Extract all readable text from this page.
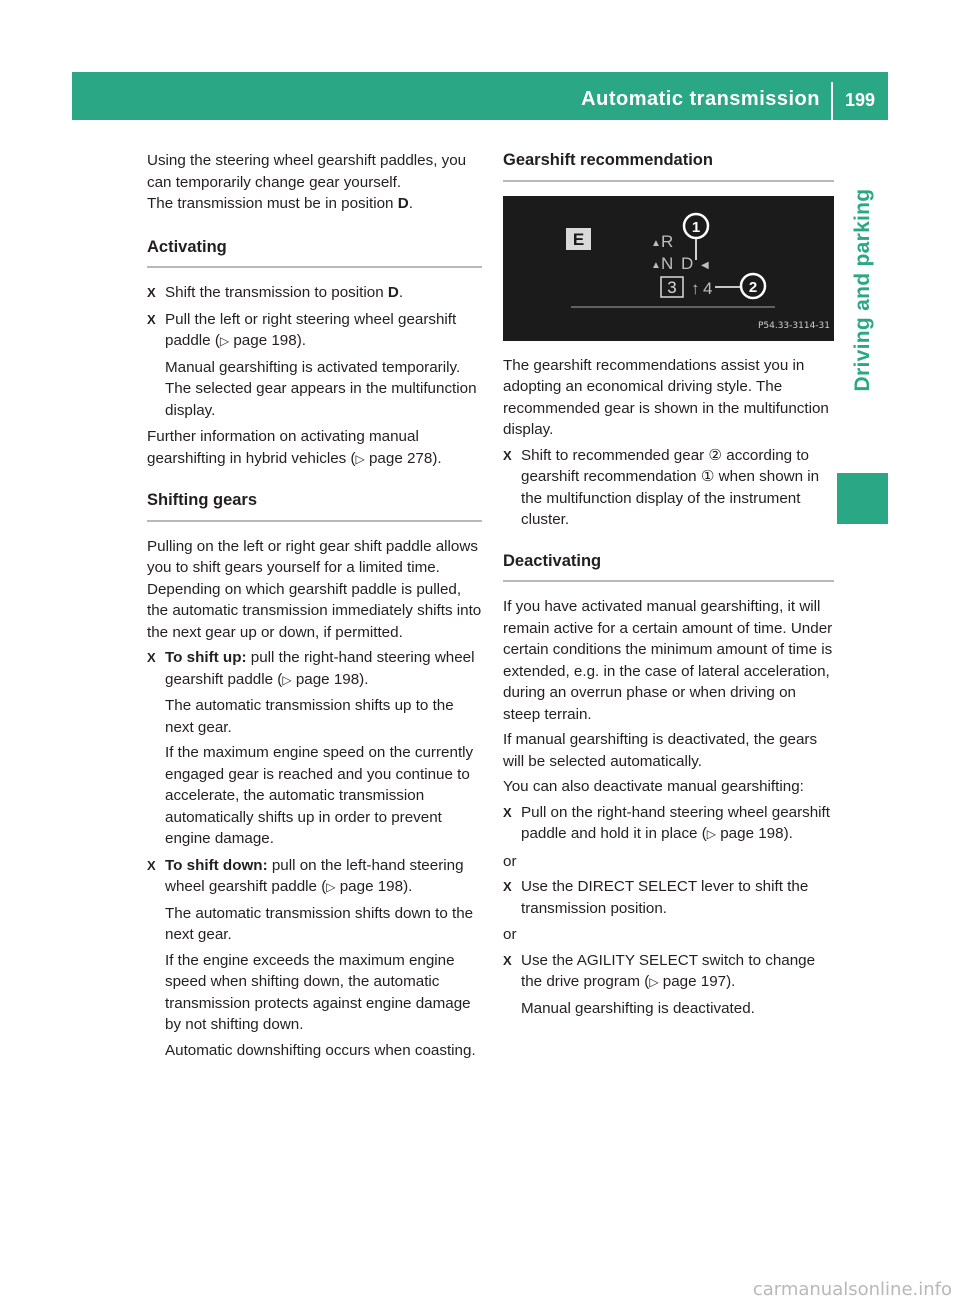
Automatic transmission 199
Driving and parking

Using the steering wheel gearshift paddles, you can temporarily change gear yourself.
The transmission must be in position D.

Activating

X Shift the transmission to position D.

X Pull the left or right steering wheel gearshift paddle (▷ page 198).

Manual gearshifting is activated temporarily. The selected gear appears in the multifunction display.

Further information on activating manual gearshifting in hybrid vehicles (▷ page 278).

Shifting gears

Pulling on the left or right gear shift paddle allows you to shift gears yourself for a limited time. Depending on which gearshift paddle is pulled, the automatic transmission immediately shifts into the next gear up or down, if permitted.

X To shift up: pull the right-hand steering wheel gearshift paddle (▷ page 198).

The automatic transmission shifts up to the next gear.

If the maximum engine speed on the currently engaged gear is reached and you continue to accelerate, the automatic transmission automatically shifts up in order to prevent engine damage.

X To shift down: pull on the left-hand steering wheel gearshift paddle (▷ page 198).

The automatic transmission shifts down to the next gear.

If the engine exceeds the maximum engine speed when shifting down, the automatic transmission protects against engine damage by not shifting down.

Automatic downshifting occurs when coasting.

Gearshift recommendation
E	▲ R
▲ N D ◀
3 ↑ 4
1
2
P54.33-3114-31

The gearshift recommendations assist you in adopting an economical driving style. The recommended gear is shown in the multifunction display.

X Shift to recommended gear ② according to gearshift recommendation ① when shown in the multifunction display of the instrument cluster.

Deactivating

If you have activated manual gearshifting, it will remain active for a certain amount of time. Under certain conditions the minimum amount of time is extended, e.g. in the case of lateral acceleration, during an overrun phase or when driving on steep terrain.

If manual gearshifting is deactivated, the gears will be selected automatically.

You can also deactivate manual gearshifting:

X Pull on the right-hand steering wheel gearshift paddle and hold it in place (▷ page 198).

or

X Use the DIRECT SELECT lever to shift the transmission position.

or

X Use the AGILITY SELECT switch to change the drive program (▷ page 197).

Manual gearshifting is deactivated.

carmanualsonline.info
